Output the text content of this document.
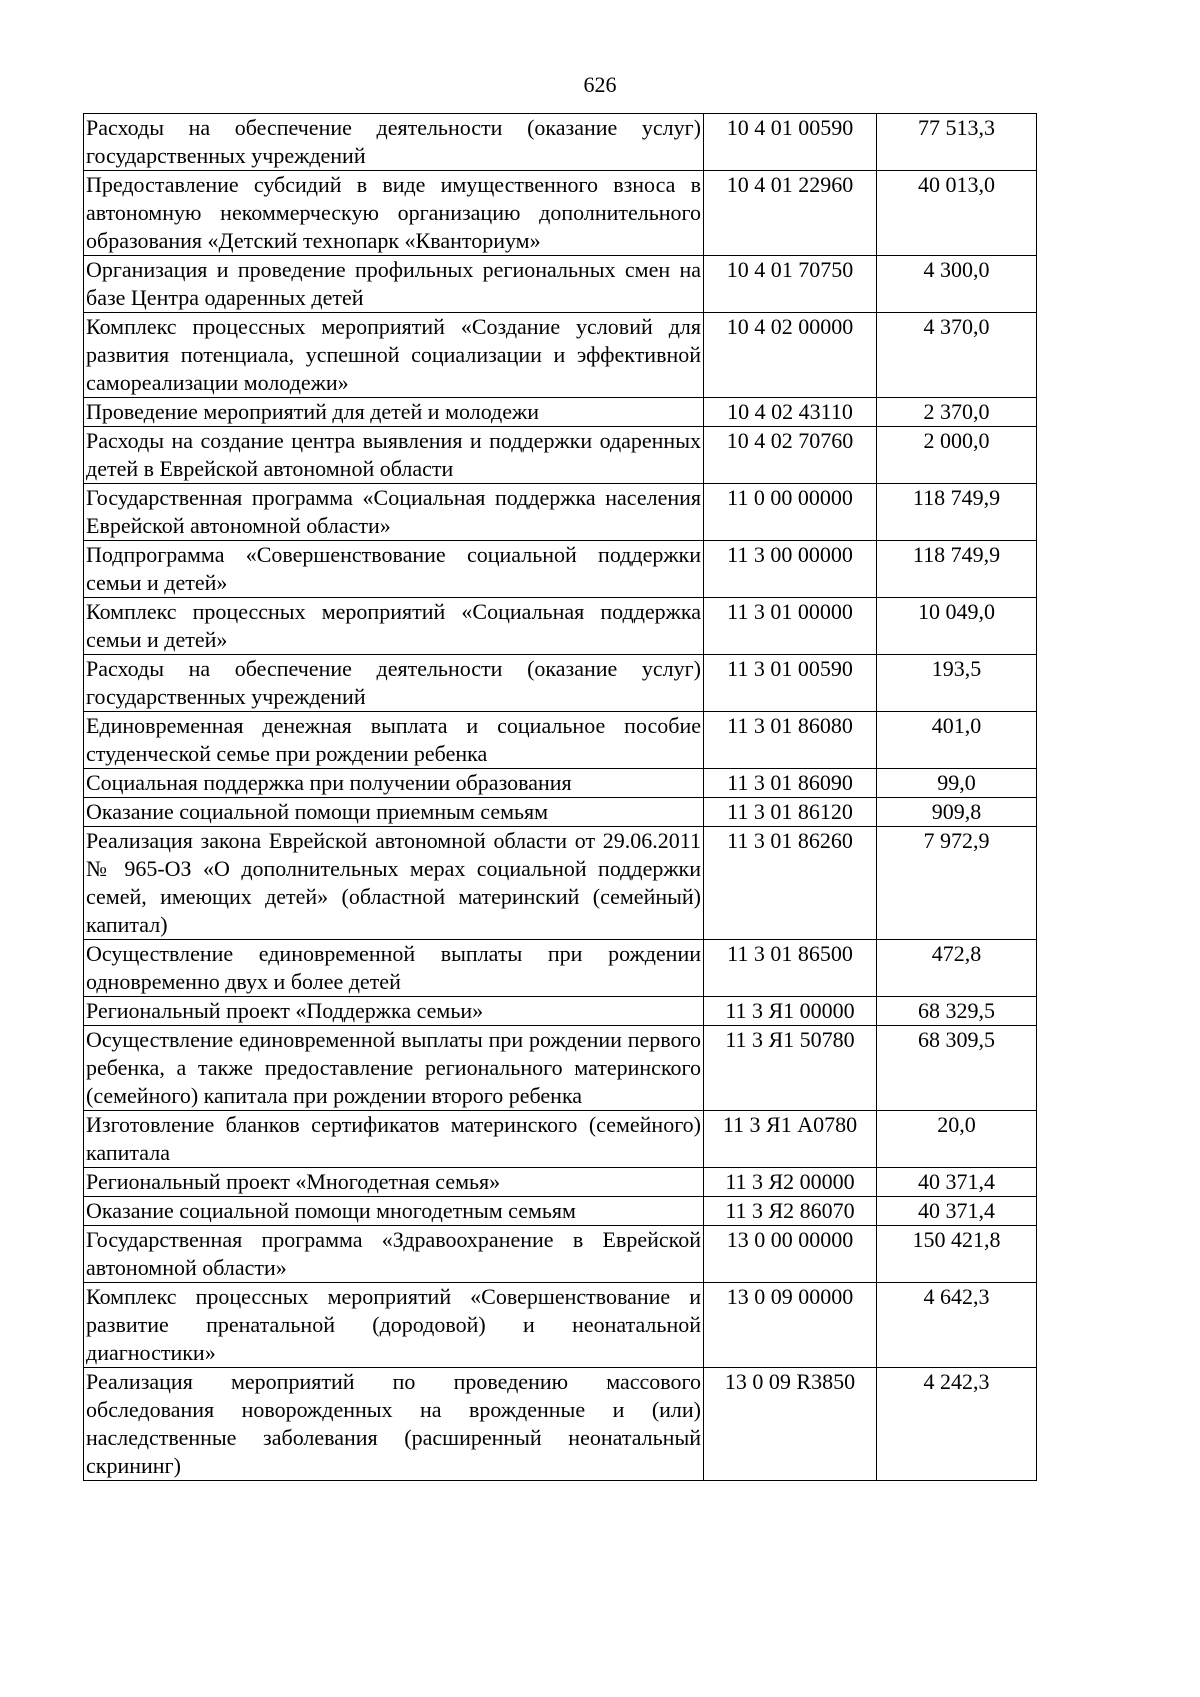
626
Расходы на обеспечение деятельности (оказание услуг) государственных учреждений	10 4 01 00590	77 513,3
Предоставление субсидий в виде имущественного взноса в автономную некоммерческую организацию дополнительного образования «Детский технопарк «Кванториум»	10 4 01 22960	40 013,0
Организация и проведение профильных региональных смен на базе Центра одаренных детей	10 4 01 70750	4 300,0
Комплекс процессных мероприятий «Создание условий для развития потенциала, успешной социализации и эффективной самореализации молодежи»	10 4 02 00000	4 370,0
Проведение мероприятий для детей и молодежи	10 4 02 43110	2 370,0
Расходы на создание центра выявления и поддержки одаренных детей в Еврейской автономной области	10 4 02 70760	2 000,0
Государственная программа «Социальная поддержка населения Еврейской автономной области»	11 0 00 00000	118 749,9
Подпрограмма «Совершенствование социальной поддержки семьи и детей»	11 3 00 00000	118 749,9
Комплекс процессных мероприятий «Социальная поддержка семьи и детей»	11 3 01 00000	10 049,0
Расходы на обеспечение деятельности (оказание услуг) государственных учреждений	11 3 01 00590	193,5
Единовременная денежная выплата и социальное пособие студенческой семье при рождении ребенка	11 3 01 86080	401,0
Социальная поддержка при получении образования	11 3 01 86090	99,0
Оказание социальной помощи приемным семьям	11 3 01 86120	909,8
Реализация закона Еврейской автономной области от 29.06.2011 № 965-ОЗ «О дополнительных мерах социальной поддержки семей, имеющих детей» (областной материнский (семейный) капитал)	11 3 01 86260	7 972,9
Осуществление единовременной выплаты при рождении одновременно двух и более детей	11 3 01 86500	472,8
Региональный проект «Поддержка семьи»	11 3 Я1 00000	68 329,5
Осуществление единовременной выплаты при рождении первого ребенка, а также предоставление регионального материнского (семейного) капитала при рождении второго ребенка	11 3 Я1 50780	68 309,5
Изготовление бланков сертификатов материнского (семейного) капитала	11 3 Я1 А0780	20,0
Региональный проект «Многодетная семья»	11 3 Я2 00000	40 371,4
Оказание социальной помощи многодетным семьям	11 3 Я2 86070	40 371,4
Государственная программа «Здравоохранение в Еврейской автономной области»	13 0 00 00000	150 421,8
Комплекс процессных мероприятий «Совершенствование и развитие пренатальной (дородовой) и неонатальной диагностики»	13 0 09 00000	4 642,3
Реализация мероприятий по проведению массового обследования новорожденных на врожденные и (или) наследственные заболевания (расширенный неонатальный скрининг)	13 0 09 R3850	4 242,3
